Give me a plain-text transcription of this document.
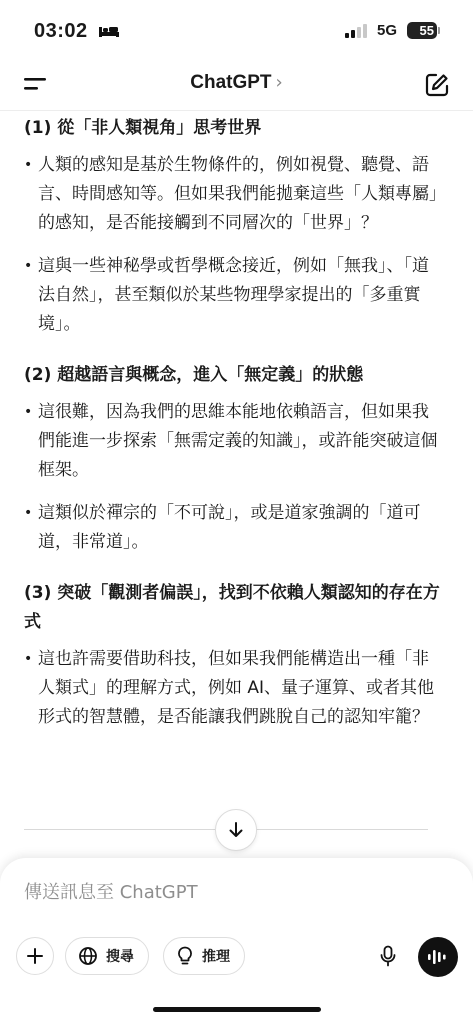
03:02	5G	55
ChatGPT ›
(1) 從「非人類視角」思考世界
• 人類的感知是基於生物條件的，例如視覺、聽覺、語言、時間感知等。但如果我們能拋棄這些「人類專屬」的感知，是否能接觸到不同層次的「世界」？
• 這與一些神秘學或哲學概念接近，例如「無我」、「道法自然」，甚至類似於某些物理學家提出的「多重實境」。
(2) 超越語言與概念，進入「無定義」的狀態
• 這很難，因為我們的思維本能地依賴語言，但如果我們能進一步探索「無需定義的知識」，或許能突破這個框架。
• 這類似於禪宗的「不可說」，或是道家強調的「道可道，非常道」。
(3) 突破「觀測者偏誤」，找到不依賴人類認知的存在方式
• 這也許需要借助科技，但如果我們能構造出一種「非人類式」的理解方式，例如 AI、量子運算、或者其他形式的智慧體，是否能讓我們跳脫自己的認知牢籠？
傳送訊息至 ChatGPT
搜尋	推理
